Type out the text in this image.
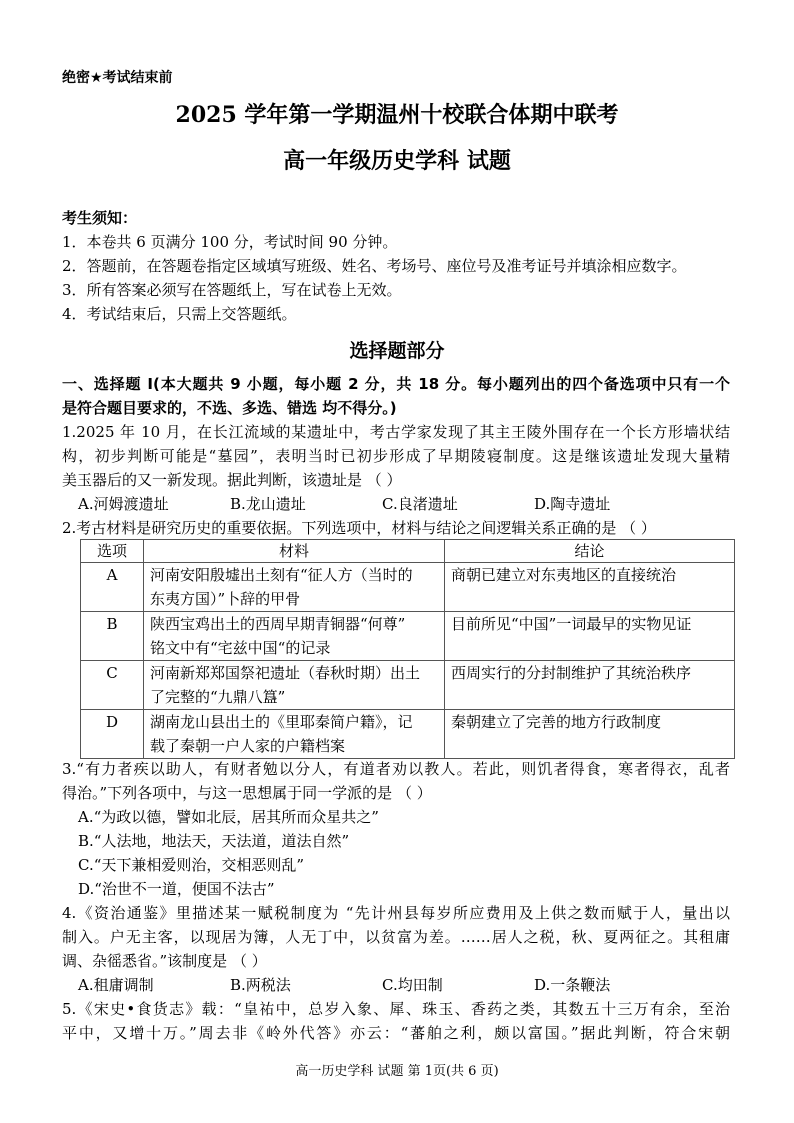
绝密★考试结束前
2025 学年第一学期温州十校联合体期中联考
高一年级历史学科 试题
考生须知：
1．本卷共 6 页满分 100 分，考试时间 90 分钟。
2．答题前，在答题卷指定区域填写班级、姓名、考场号、座位号及准考证号并填涂相应数字。
3．所有答案必须写在答题纸上，写在试卷上无效。
4．考试结束后，只需上交答题纸。
选择题部分
一、选择题 I(本大题共 9 小题，每小题 2 分，共 18 分。每小题列出的四个备选项中只有一个
是符合题目要求的，不选、多选、错选 均不得分。)
1.2025 年 10 月，在长江流域的某遗址中，考古学家发现了其主王陵外围存在一个长方形墙状结
构，初步判断可能是“墓园”，表明当时已初步形成了早期陵寝制度。这是继该遗址发现大量精
美玉器后的又一新发现。据此判断，该遗址是 （ ）
A.河姆渡遗址	B.龙山遗址	C.良渚遗址	D.陶寺遗址
2.考古材料是研究历史的重要依据。下列选项中，材料与结论之间逻辑关系正确的是 （ ）
选项	材料	结论
A	河南安阳殷墟出土刻有“征人方（当时的
东夷方国）”卜辞的甲骨	商朝已建立对东夷地区的直接统治
B	陕西宝鸡出土的西周早期青铜器“何尊”
铭文中有“宅兹中国“的记录	目前所见“中国”一词最早的实物见证
C	河南新郑郑国祭祀遗址（春秋时期）出土
了完整的“九鼎八簋”	西周实行的分封制维护了其统治秩序
D	湖南龙山县出土的《里耶秦简户籍》，记
载了秦朝一户人家的户籍档案	秦朝建立了完善的地方行政制度
3.“有力者疾以助人，有财者勉以分人，有道者劝以教人。若此，则饥者得食，寒者得衣，乱者
得治。”下列各项中，与这一思想属于同一学派的是 （ ）
A.“为政以德，譬如北辰，居其所而众星共之”
B.“人法地，地法天，天法道，道法自然”
C.“天下兼相爱则治，交相恶则乱”
D.“治世不一道，便国不法古”
4.《资治通鉴》里描述某一赋税制度为 “先计州县每岁所应费用及上供之数而赋于人，量出以
制入。户无主客，以现居为簿，人无丁中，以贫富为差。……居人之税，秋、夏两征之。其租庸
调、杂徭悉省。”该制度是 （ ）
A.租庸调制	B.两税法	C.均田制	D.一条鞭法
5.《宋史•食货志》载：“皇祐中，总岁入象、犀、珠玉、香药之类，其数五十三万有余，至治
平中，又增十万。”周去非《岭外代答》亦云：“蕃舶之利，颇以富国。”据此判断，符合宋朝
高一历史学科 试题 第 1页(共 6 页)
